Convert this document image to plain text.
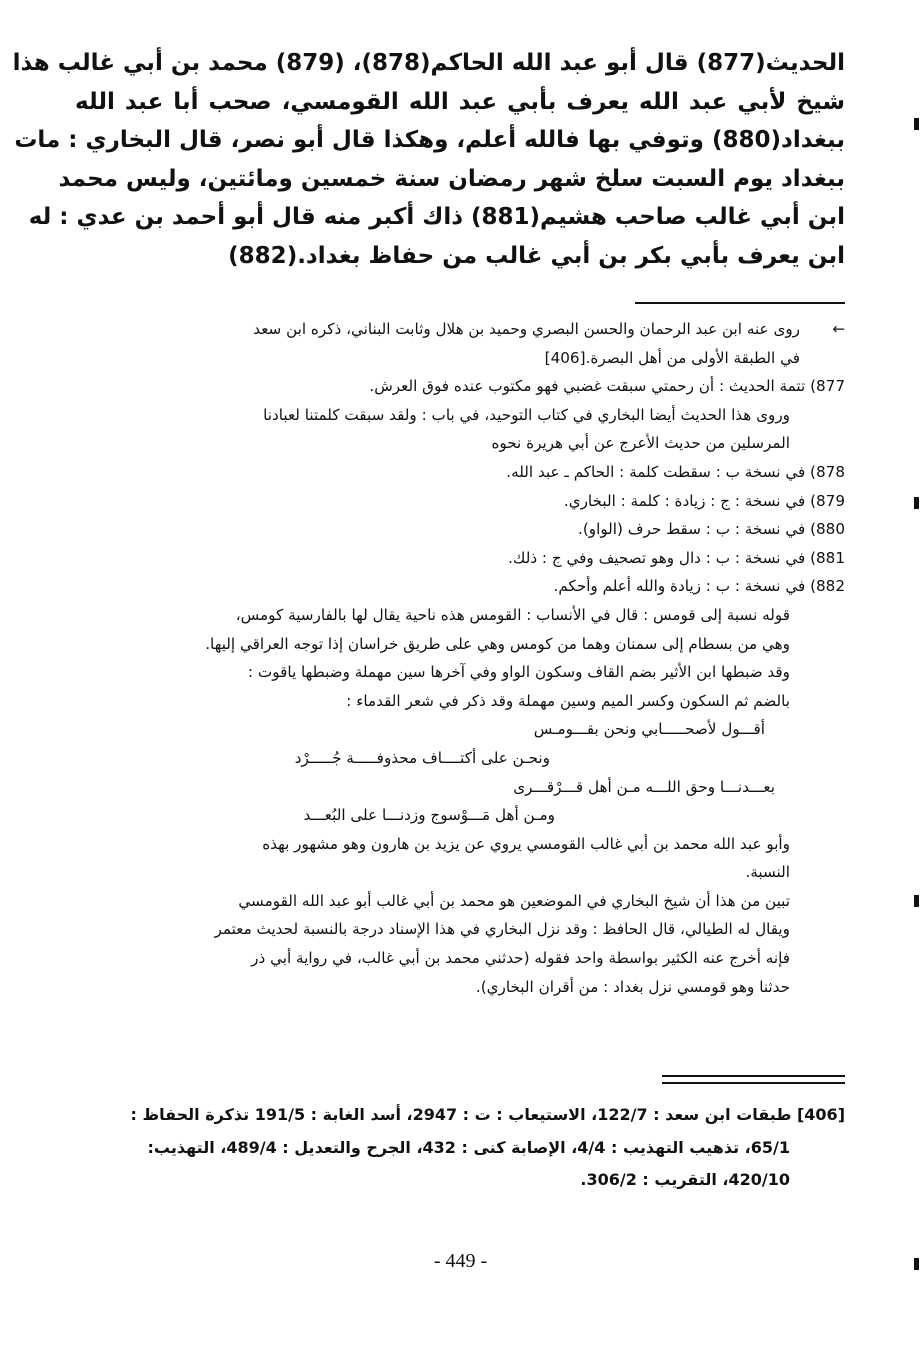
الحديث(877) قال أبو عبد الله الحاكم(878)، (879) محمد بن أبي غالب هذا
شيخ لأبي عبد الله يعرف بأبي عبد الله القومسي، صحب أبا عبد الله
ببغداد(880) وتوفي بها فالله أعلم، وهكذا قال أبو نصر، قال البخاري : مات
ببغداد يوم السبت سلخ شهر رمضان سنة خمسين ومائتين، وليس محمد
ابن أبي غالب صاحب هشيم(881) ذاك أكبر منه قال أبو أحمد بن عدي : له
ابن يعرف بأبي بكر بن أبي غالب من حفاظ بغداد.(882)
←
روى عنه ابن عبد الرحمان والحسن البصري وحميد بن هلال وثابت البناني، ذكره ابن سعد
في الطبقة الأولى من أهل البصرة.[406]
877) تتمة الحديث : أن رحمتي سبقت غضبي فهو مكتوب عنده فوق العرش.
وروى هذا الحديث أيضا البخاري في كتاب التوحيد، في باب : ولقد سبقت كلمتنا لعبادنا
المرسلين من حديث الأعرج عن أبي هريرة نحوه
878) في نسخة ب : سقطت كلمة : الحاكم ـ عبد الله.
879) في نسخة : ج : زيادة : كلمة : البخاري.
880) في نسخة : ب : سقط حرف (الواو).
881) في نسخة : ب : دال وهو تصحيف وفي ج : ذلك.
882) في نسخة : ب : زيادة والله أعلم وأحكم.
قوله نسبة إلى قومس : قال في الأنساب : القومس هذه ناحية يقال لها بالفارسية كومس،
وهي من بسطام إلى سمنان وهما من كومس وهي على طريق خراسان إذا توجه العراقي إليها.
وقد ضبطها ابن الأثير بضم القاف وسكون الواو وفي آخرها سين مهملة وضبطها ياقوت :
بالضم ثم السكون وكسر الميم وسين مهملة وقد ذكر في شعر القدماء :
أقـــول لأصحـــــابي ونحن بقـــومـس
ونحـن على أكتــــاف محذوفـــــة جُـــــرْد
بعـــدنـــا وحق اللـــه مـن أهل قـــرْقـــرى
ومـن أهل مَـــوْسوج وزدنـــا على البُعـــد
وأبو عبد الله محمد بن أبي غالب القومسي يروي عن يزيد بن هارون وهو مشهور بهذه
النسبة.
تبين من هذا أن شيخ البخاري في الموضعين هو محمد بن أبي غالب أبو عبد الله القومسي
ويقال له الطيالي، قال الحافظ : وقد نزل البخاري في هذا الإسناد درجة بالنسبة لحديث معتمر
فإنه أخرج عنه الكثير بواسطة واحد فقوله (حدثني محمد بن أبي غالب، في رواية أبي ذر
حدثنا وهو قومسي نزل بغداد : من أقران البخاري).
[406] طبقات ابن سعد : 122/7، الاستيعاب : ت : 2947، أسد الغابة : 191/5 تذكرة الحفاظ :
65/1، تذهيب التهذيب : 4/4، الإصابة كنى : 432، الجرح والتعديل : 489/4، التهذيب:
420/10، التقريب : 306/2.
- 449 -
